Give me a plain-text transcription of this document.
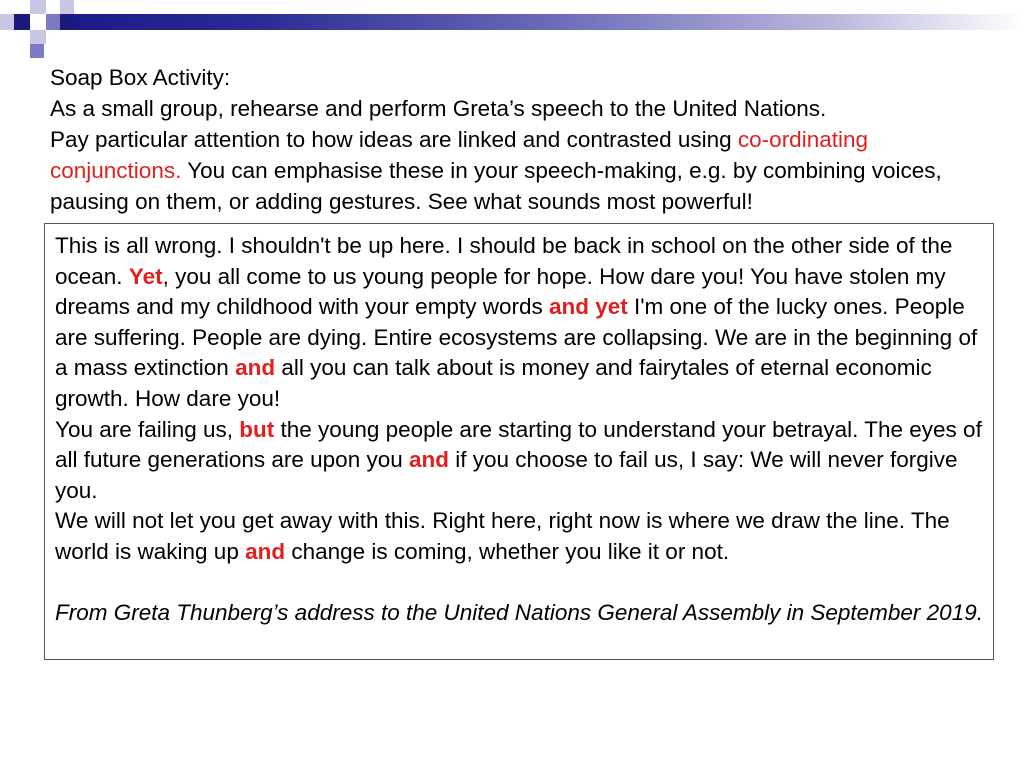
Soap Box Activity:

As a small group, rehearse and perform Greta’s speech to the United Nations.

Pay particular attention to how ideas are linked and contrasted using co-ordinating conjunctions. You can emphasise these in your speech-making, e.g. by combining voices, pausing on them, or adding gestures. See what sounds most powerful!

This is all wrong. I shouldn't be up here. I should be back in school on the other side of the ocean. Yet, you all come to us young people for hope. How dare you! You have stolen my dreams and my childhood with your empty words and yet I'm one of the lucky ones. People are suffering. People are dying. Entire ecosystems are collapsing. We are in the beginning of a mass extinction and all you can talk about is money and fairytales of eternal economic growth. How dare you!

You are failing us, but the young people are starting to understand your betrayal. The eyes of all future generations are upon you and if you choose to fail us, I say: We will never forgive you.

We will not let you get away with this. Right here, right now is where we draw the line. The world is waking up and change is coming, whether you like it or not.

From Greta Thunberg’s address to the United Nations General Assembly in September 2019.
